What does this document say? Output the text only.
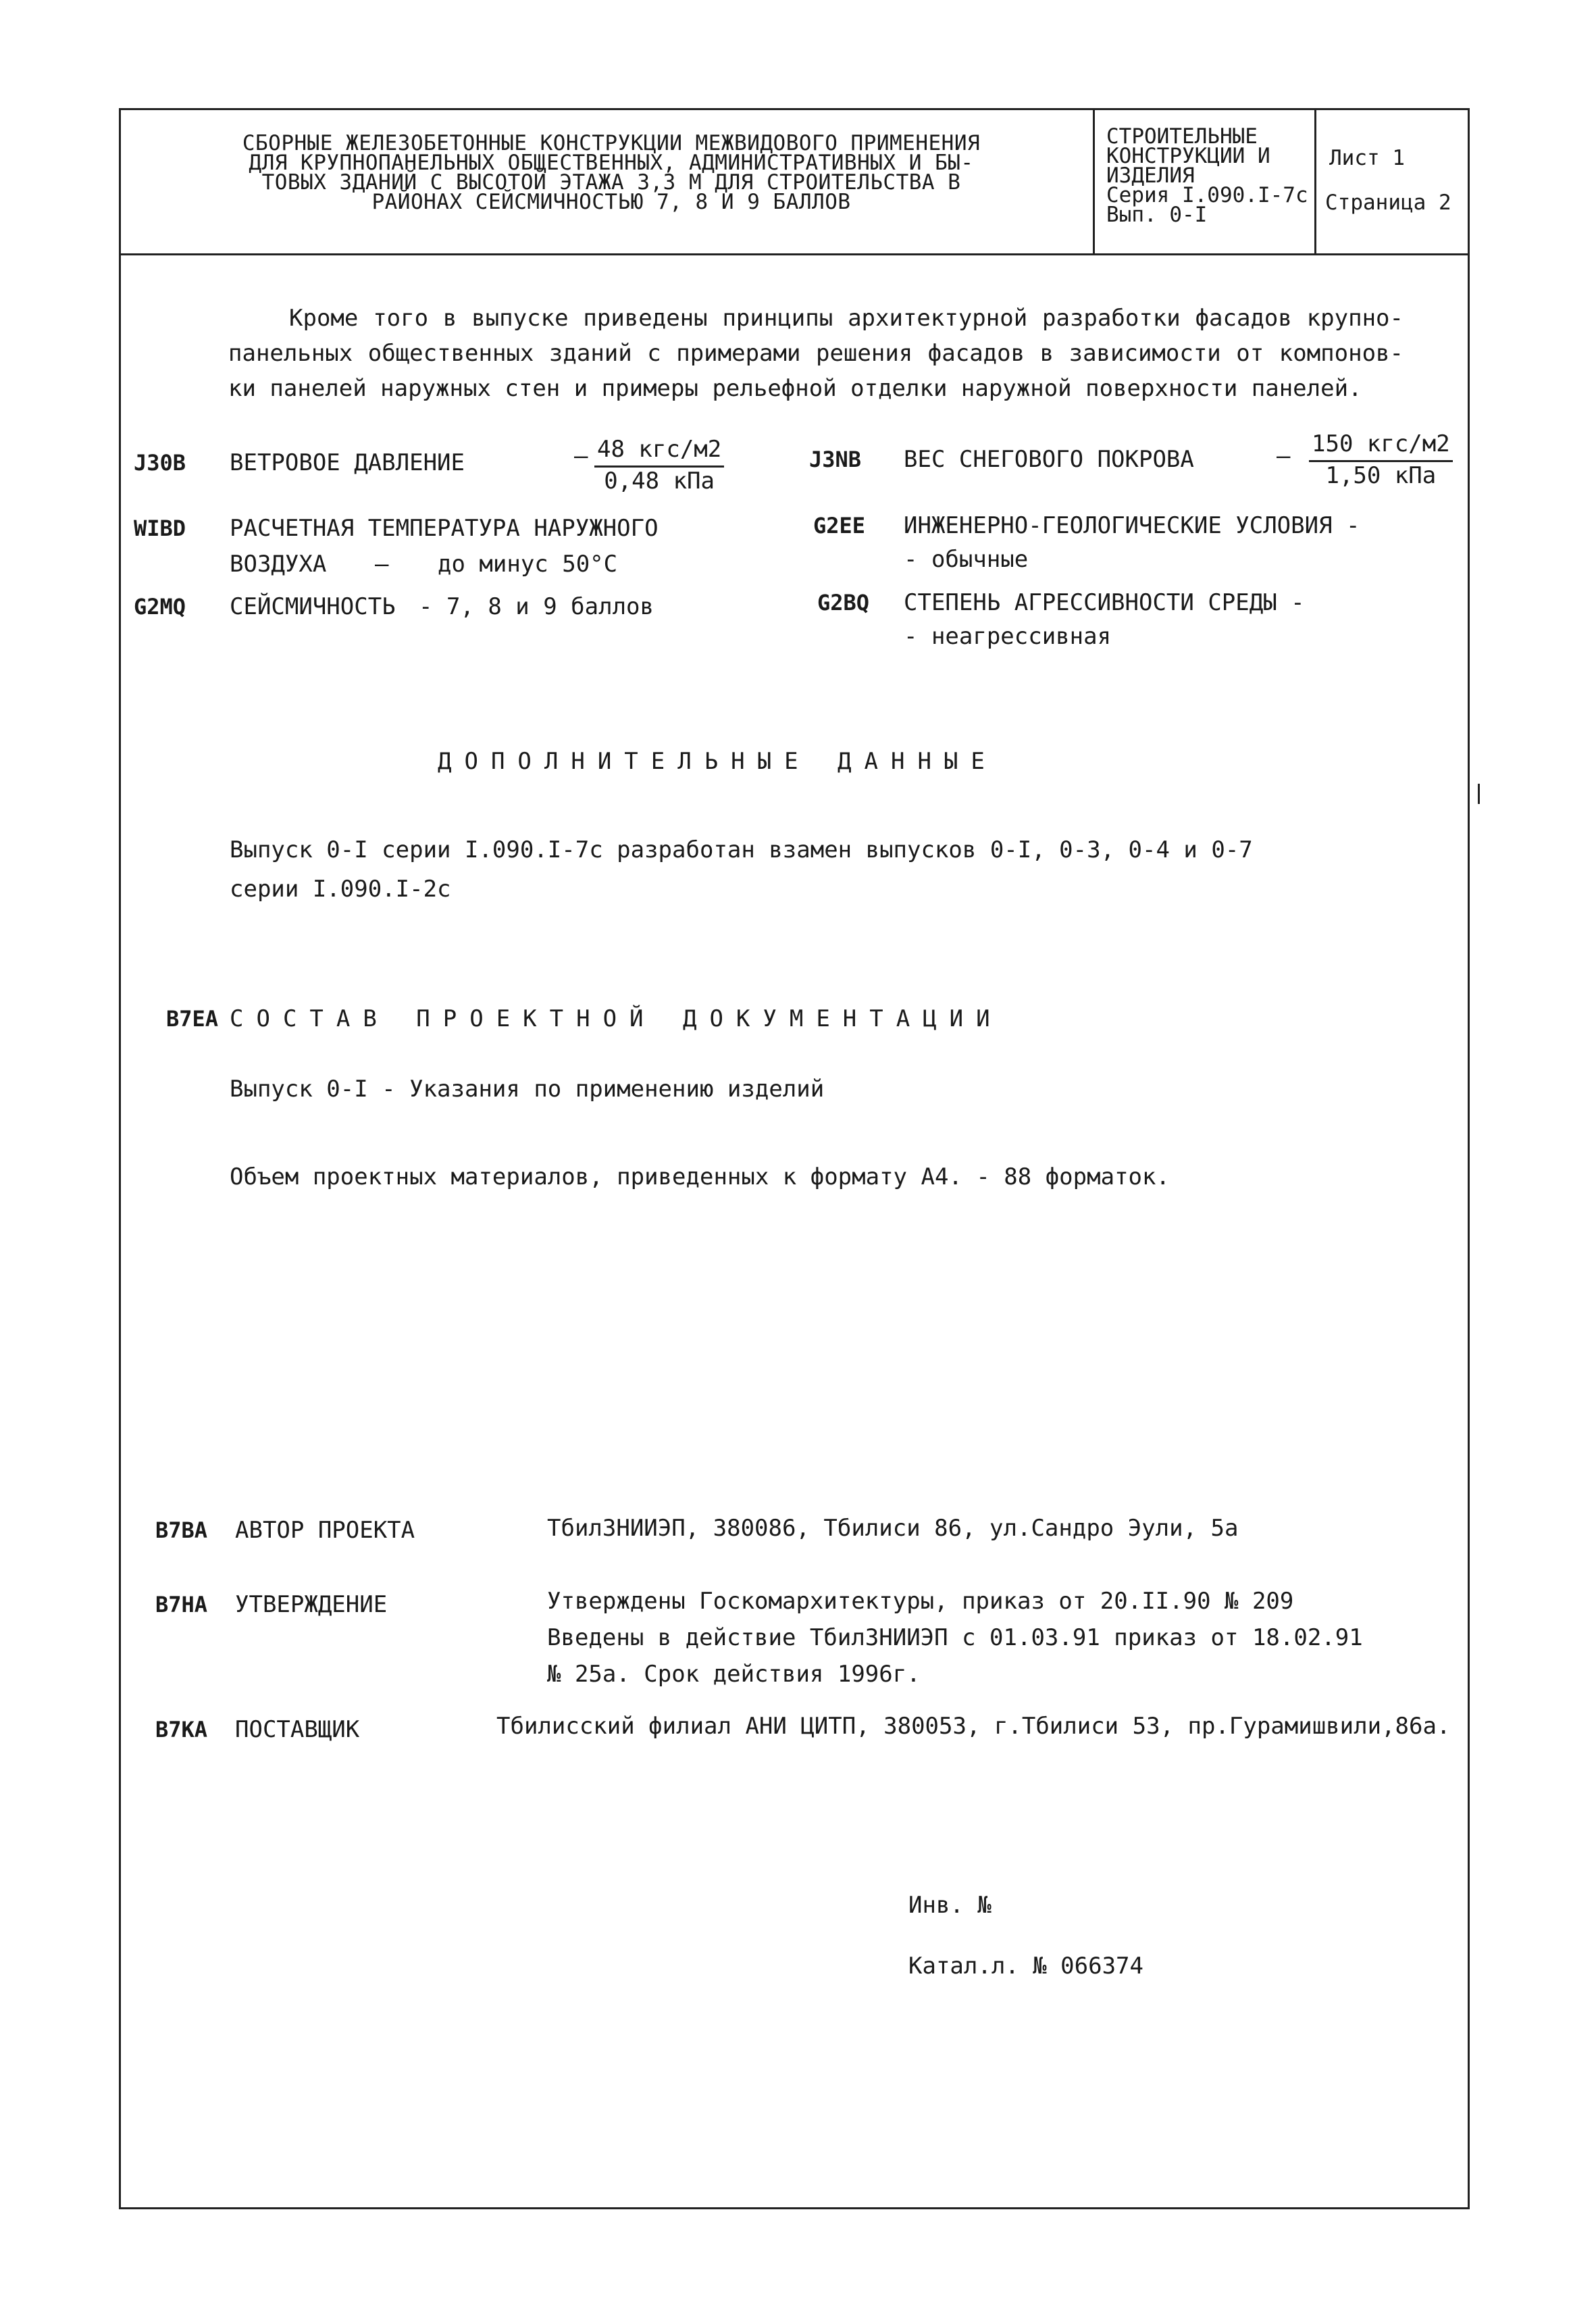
СБОРНЫЕ ЖЕЛЕЗОБЕТОННЫЕ КОНСТРУКЦИИ МЕЖВИДОВОГО ПРИМЕНЕНИЯ
ДЛЯ КРУПНОПАНЕЛЬНЫХ ОБЩЕСТВЕННЫХ, АДМИНИСТРАТИВНЫХ И БЫ-
ТОВЫХ ЗДАНИЙ С ВЫСОТОЙ ЭТАЖА 3,3 М ДЛЯ СТРОИТЕЛЬСТВА В
РАЙОНАХ СЕЙСМИЧНОСТЬЮ 7, 8 И 9 БАЛЛОВ
СТРОИТЕЛЬНЫЕ
КОНСТРУКЦИИ И
ИЗДЕЛИЯ
Серия I.090.I-7с
Вып. 0-I
Лист 1
Страница 2
Кроме того в выпуске приведены принципы архитектурной разработки фасадов крупно-панельных общественных зданий с примерами решения фасадов в зависимости от компонов-ки панелей наружных стен и примеры рельефной отделки наружной поверхности панелей.
J30B ВЕТРОВОЕ ДАВЛЕНИЕ	– 48 кгс/м2
0,48 кПа
J3NB ВЕС СНЕГОВОГО ПОКРОВА	– 150 кгс/м2
1,50 кПа
WIBD РАСЧЕТНАЯ ТЕМПЕРАТУРА НАРУЖНОГО
ВОЗДУХА – до минус 50°С
G2EE ИНЖЕНЕРНО-ГЕОЛОГИЧЕСКИЕ УСЛОВИЯ -
- обычные
G2MQ СЕЙСМИЧНОСТЬ - 7, 8 и 9 баллов	G2BQ СТЕПЕНЬ АГРЕССИВНОСТИ СРЕДЫ -
- неагрессивная
ДОПОЛНИТЕЛЬНЫЕ ДАННЫЕ
Выпуск 0-I серии I.090.I-7с разработан взамен выпусков 0-I, 0-3, 0-4 и 0-7
серии I.090.I-2с
B7EA СОСТАВ ПРОЕКТНОЙ ДОКУМЕНТАЦИИ
Выпуск 0-I - Указания по применению изделий
Объем проектных материалов, приведенных к формату А4. - 88 форматок.
B7BA АВТОР ПРОЕКТА	ТбилЗНИИЭП, 380086, Тбилиси 86, ул.Сандро Эули, 5а
B7HA УТВЕРЖДЕНИЕ	Утверждены Госкомархитектуры, приказ от 20.II.90 № 209
Введены в действие ТбилЗНИИЭП с 01.03.91 приказ от 18.02.91
№ 25а. Срок действия 1996г.
B7KA ПОСТАВЩИК	Тбилисский филиал АНИ ЦИТП, 380053, г.Тбилиси 53, пр.Гурамишвили,86а.
Инв. №
Катал.л. № 066374
